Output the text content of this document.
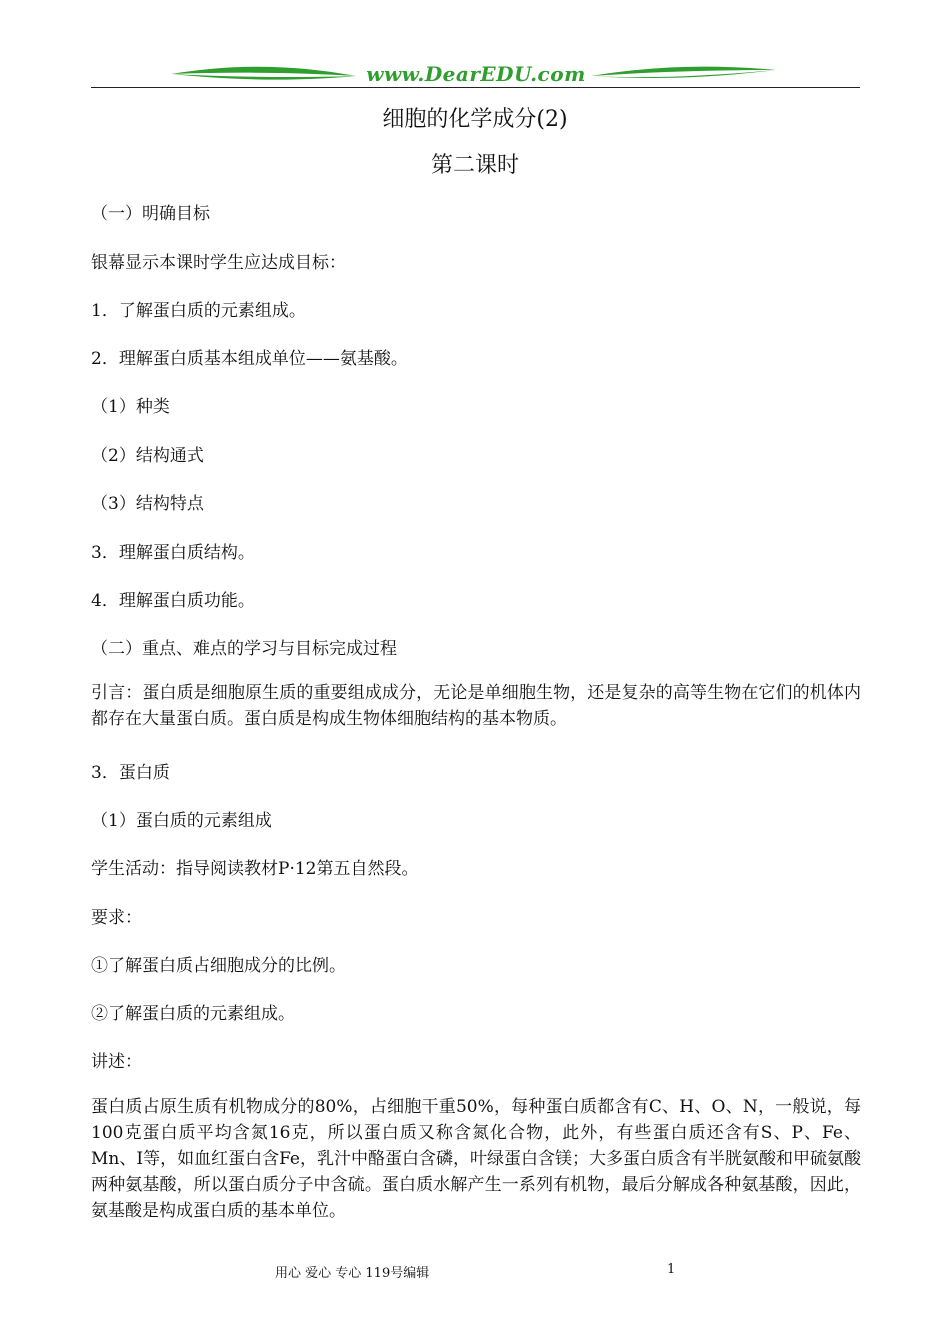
www.DearEDU.com
细胞的化学成分(2)
第二课时
（一）明确目标
银幕显示本课时学生应达成目标：
1．了解蛋白质的元素组成。
2．理解蛋白质基本组成单位——氨基酸。
（1）种类
（2）结构通式
（3）结构特点
3．理解蛋白质结构。
4．理解蛋白质功能。
（二）重点、难点的学习与目标完成过程
引言：蛋白质是细胞原生质的重要组成成分，无论是单细胞生物，还是复杂的高等生物在它们的机体内都存在大量蛋白质。蛋白质是构成生物体细胞结构的基本物质。
3．蛋白质
（1）蛋白质的元素组成
学生活动：指导阅读教材P·12第五自然段。
要求：
①了解蛋白质占细胞成分的比例。
②了解蛋白质的元素组成。
讲述：
蛋白质占原生质有机物成分的80%，占细胞干重50%，每种蛋白质都含有C、H、O、N，一般说，每100克蛋白质平均含氮16克，所以蛋白质又称含氮化合物，此外，有些蛋白质还含有S、P、Fe、Mn、I等，如血红蛋白含Fe，乳汁中酪蛋白含磷，叶绿蛋白含镁；大多蛋白质含有半胱氨酸和甲硫氨酸两种氨基酸，所以蛋白质分子中含硫。蛋白质水解产生一系列有机物，最后分解成各种氨基酸，因此，氨基酸是构成蛋白质的基本单位。
用心 爱心 专心 119号编辑	1
